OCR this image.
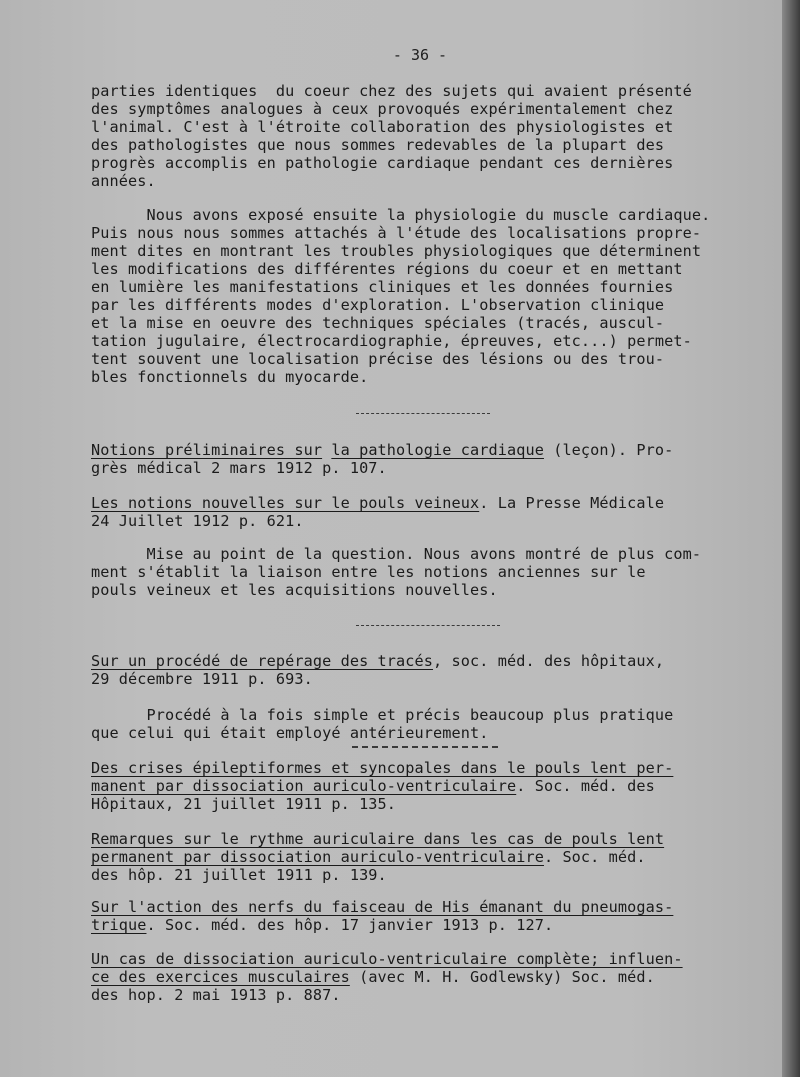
- 36 -
parties identiques  du coeur chez des sujets qui avaient présenté
des symptômes analogues à ceux provoqués expérimentalement chez
l'animal. C'est à l'étroite collaboration des physiologistes et
des pathologistes que nous sommes redevables de la plupart des
progrès accomplis en pathologie cardiaque pendant ces dernières
années.
Nous avons exposé ensuite la physiologie du muscle cardiaque.
Puis nous nous sommes attachés à l'étude des localisations propre-
ment dites en montrant les troubles physiologiques que déterminent
les modifications des différentes régions du coeur et en mettant
en lumière les manifestations cliniques et les données fournies
par les différents modes d'exploration. L'observation clinique
et la mise en oeuvre des techniques spéciales (tracés, auscul-
tation jugulaire, électrocardiographie, épreuves, etc...) permet-
tent souvent une localisation précise des lésions ou des trou-
bles fonctionnels du myocarde.
Notions préliminaires sur la pathologie cardiaque (leçon). Pro-
grès médical 2 mars 1912 p. 107.
Les notions nouvelles sur le pouls veineux. La Presse Médicale
24 Juillet 1912 p. 621.
Mise au point de la question. Nous avons montré de plus com-
ment s'établit la liaison entre les notions anciennes sur le
pouls veineux et les acquisitions nouvelles.
Sur un procédé de repérage des tracés, soc. méd. des hôpitaux,
29 décembre 1911 p. 693.
Procédé à la fois simple et précis beaucoup plus pratique
que celui qui était employé antérieurement.
Des crises épileptiformes et syncopales dans le pouls lent per-
manent par dissociation auriculo-ventriculaire. Soc. méd. des
Hôpitaux, 21 juillet 1911 p. 135.
Remarques sur le rythme auriculaire dans les cas de pouls lent
permanent par dissociation auriculo-ventriculaire. Soc. méd.
des hôp. 21 juillet 1911 p. 139.
Sur l'action des nerfs du faisceau de His émanant du pneumogas-
trique. Soc. méd. des hôp. 17 janvier 1913 p. 127.
Un cas de dissociation auriculo-ventriculaire complète; influen-
ce des exercices musculaires (avec M. H. Godlewsky) Soc. méd.
des hop. 2 mai 1913 p. 887.
